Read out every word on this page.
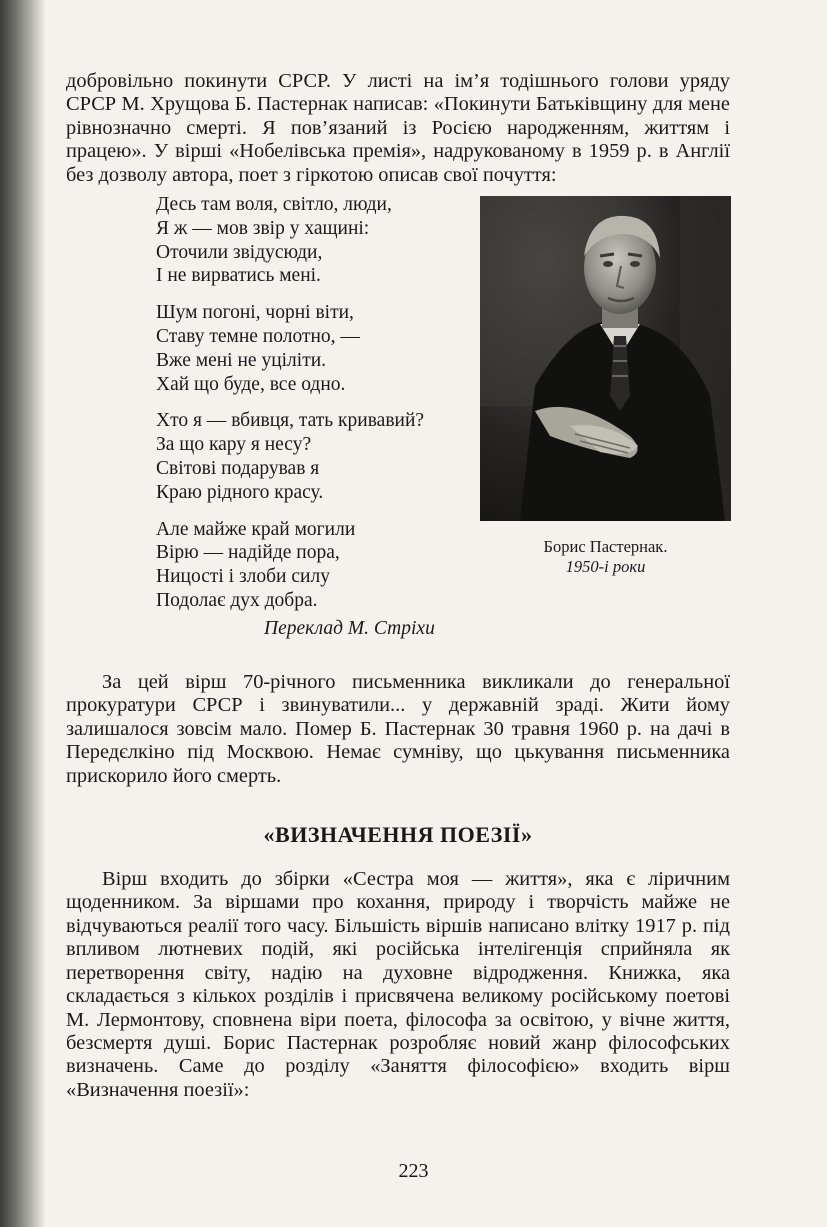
добровільно покинути СРСР. У листі на ім’я тодішнього голови уряду СРСР М. Хрущова Б. Пастернак написав: «Покинути Батьківщину для мене рівнозначно смерті. Я пов’язаний із Росією народженням, життям і працею». У вірші «Нобелівська премія», надрукованому в 1959 р. в Англії без дозволу автора, поет з гіркотою описав свої почуття:

Десь там воля, світло, люди,
Я ж — мов звір у хащині:
Оточили звідусюди,
І не вирватись мені.
Шум погоні, чорні віти,
Ставу темне полотно, —
Вже мені не уціліти.
Хай що буде, все одно.
Хто я — вбивця, тать кривавий?
За що кару я несу?
Світові подарував я
Краю рідного красу.
Але майже край могили
Вірю — надійде пора,
Ницості і злоби силу
Подолає дух добра.
Переклад М. Стріхи
Борис Пастернак.
1950-і роки

За цей вірш 70-річного письменника викликали до генеральної прокуратури СРСР і звинуватили... у державній зраді. Жити йому залишалося зовсім мало. Помер Б. Пастернак 30 травня 1960 р. на дачі в Передєлкіно під Москвою. Немає сумніву, що цькування письменника прискорило його смерть.

«ВИЗНАЧЕННЯ ПОЕЗІЇ»

Вірш входить до збірки «Сестра моя — життя», яка є ліричним щоденником. За віршами про кохання, природу і творчість майже не відчуваються реалії того часу. Більшість віршів написано влітку 1917 р. під впливом лютневих подій, які російська інтелігенція сприйняла як перетворення світу, надію на духовне відродження. Книжка, яка складається з кількох розділів і присвячена великому російському поетові М. Лермонтову, сповнена віри поета, філософа за освітою, у вічне життя, безсмертя душі. Борис Пастернак розробляє новий жанр філософських визначень. Саме до розділу «Заняття філософією» входить вірш «Визначення поезії»:

223
